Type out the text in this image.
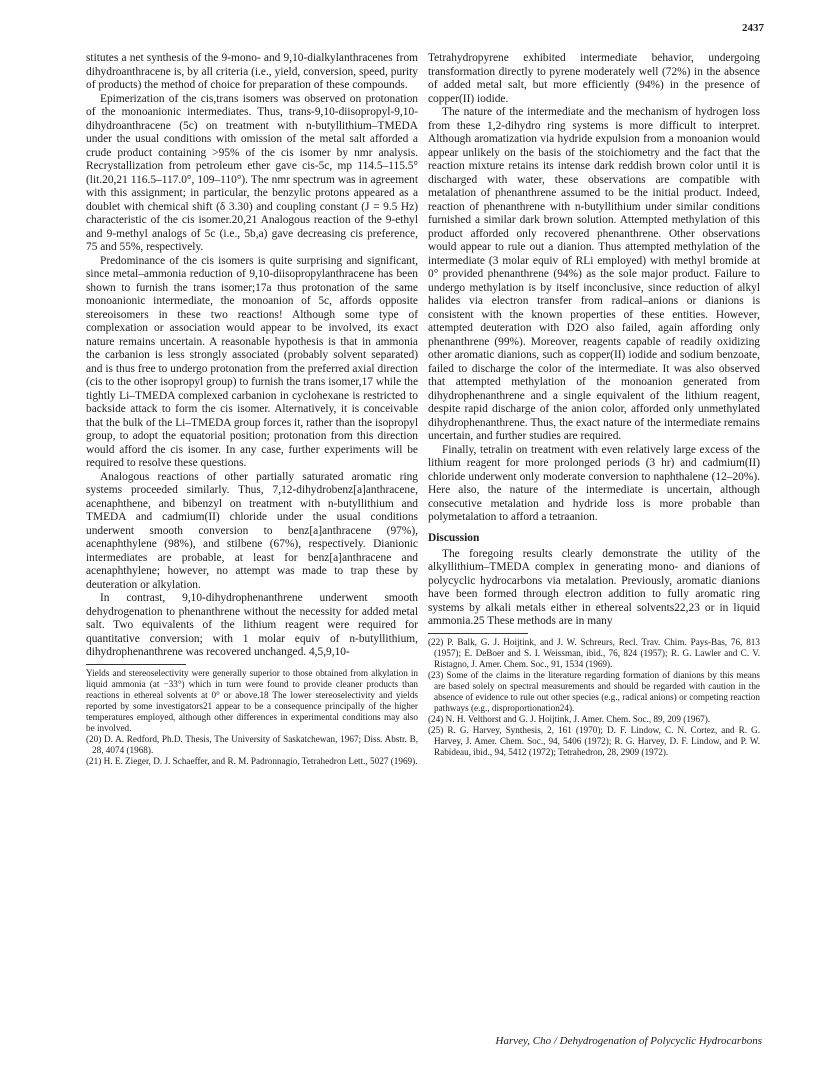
2437

stitutes a net synthesis of the 9-mono- and 9,10-dialkylanthracenes from dihydroanthracene is, by all criteria (i.e., yield, conversion, speed, purity of products) the method of choice for preparation of these compounds.

Epimerization of the cis,trans isomers was observed on protonation of the monoanionic intermediates. Thus, trans-9,10-diisopropyl-9,10-dihydroanthracene (5c) on treatment with n-butyllithium–TMEDA under the usual conditions with omission of the metal salt afforded a crude product containing >95% of the cis isomer by nmr analysis. Recrystallization from petroleum ether gave cis-5c, mp 114.5–115.5° (lit.20,21 116.5–117.0°, 109–110°). The nmr spectrum was in agreement with this assignment; in particular, the benzylic protons appeared as a doublet with chemical shift (δ 3.30) and coupling constant (J = 9.5 Hz) characteristic of the cis isomer.20,21 Analogous reaction of the 9-ethyl and 9-methyl analogs of 5c (i.e., 5b,a) gave decreasing cis preference, 75 and 55%, respectively.

Predominance of the cis isomers is quite surprising and significant, since metal–ammonia reduction of 9,10-diisopropylanthracene has been shown to furnish the trans isomer;17a thus protonation of the same monoanionic intermediate, the monoanion of 5c, affords opposite stereoisomers in these two reactions! Although some type of complexation or association would appear to be involved, its exact nature remains uncertain. A reasonable hypothesis is that in ammonia the carbanion is less strongly associated (probably solvent separated) and is thus free to undergo protonation from the preferred axial direction (cis to the other isopropyl group) to furnish the trans isomer,17 while the tightly Li–TMEDA complexed carbanion in cyclohexane is restricted to backside attack to form the cis isomer. Alternatively, it is conceivable that the bulk of the Li–TMEDA group forces it, rather than the isopropyl group, to adopt the equatorial position; protonation from this direction would afford the cis isomer. In any case, further experiments will be required to resolve these questions.

Analogous reactions of other partially saturated aromatic ring systems proceeded similarly. Thus, 7,12-dihydrobenz[a]anthracene, acenaphthene, and bibenzyl on treatment with n-butyllithium and TMEDA and cadmium(II) chloride under the usual conditions underwent smooth conversion to benz[a]anthracene (97%), acenaphthylene (98%), and stilbene (67%), respectively. Dianionic intermediates are probable, at least for benz[a]anthracene and acenaphthylene; however, no attempt was made to trap these by deuteration or alkylation.

In contrast, 9,10-dihydrophenanthrene underwent smooth dehydrogenation to phenanthrene without the necessity for added metal salt. Two equivalents of the lithium reagent were required for quantitative conversion; with 1 molar equiv of n-butyllithium, dihydrophenanthrene was recovered unchanged. 4,5,9,10-

Yields and stereoselectivity were generally superior to those obtained from alkylation in liquid ammonia (at −33°) which in turn were found to provide cleaner products than reactions in ethereal solvents at 0° or above.18 The lower stereoselectivity and yields reported by some investigators21 appear to be a consequence principally of the higher temperatures employed, although other differences in experimental conditions may also be involved.

(20) D. A. Redford, Ph.D. Thesis, The University of Saskatchewan, 1967; Diss. Abstr. B, 28, 4074 (1968).

(21) H. E. Zieger, D. J. Schaeffer, and R. M. Padronnagio, Tetrahedron Lett., 5027 (1969).

Tetrahydropyrene exhibited intermediate behavior, undergoing transformation directly to pyrene moderately well (72%) in the absence of added metal salt, but more efficiently (94%) in the presence of copper(II) iodide.

The nature of the intermediate and the mechanism of hydrogen loss from these 1,2-dihydro ring systems is more difficult to interpret. Although aromatization via hydride expulsion from a monoanion would appear unlikely on the basis of the stoichiometry and the fact that the reaction mixture retains its intense dark reddish brown color until it is discharged with water, these observations are compatible with metalation of phenanthrene assumed to be the initial product. Indeed, reaction of phenanthrene with n-butyllithium under similar conditions furnished a similar dark brown solution. Attempted methylation of this product afforded only recovered phenanthrene. Other observations would appear to rule out a dianion. Thus attempted methylation of the intermediate (3 molar equiv of RLi employed) with methyl bromide at 0° provided phenanthrene (94%) as the sole major product. Failure to undergo methylation is by itself inconclusive, since reduction of alkyl halides via electron transfer from radical–anions or dianions is consistent with the known properties of these entities. However, attempted deuteration with D2O also failed, again affording only phenanthrene (99%). Moreover, reagents capable of readily oxidizing other aromatic dianions, such as copper(II) iodide and sodium benzoate, failed to discharge the color of the intermediate. It was also observed that attempted methylation of the monoanion generated from dihydrophenanthrene and a single equivalent of the lithium reagent, despite rapid discharge of the anion color, afforded only unmethylated dihydrophenanthrene. Thus, the exact nature of the intermediate remains uncertain, and further studies are required.

Finally, tetralin on treatment with even relatively large excess of the lithium reagent for more prolonged periods (3 hr) and cadmium(II) chloride underwent only moderate conversion to naphthalene (12–20%). Here also, the nature of the intermediate is uncertain, although consecutive metalation and hydride loss is more probable than polymetalation to afford a tetraanion.

Discussion

The foregoing results clearly demonstrate the utility of the alkyllithium–TMEDA complex in generating mono- and dianions of polycyclic hydrocarbons via metalation. Previously, aromatic dianions have been formed through electron addition to fully aromatic ring systems by alkali metals either in ethereal solvents22,23 or in liquid ammonia.25 These methods are in many

(22) P. Balk, G. J. Hoijtink, and J. W. Schreurs, Recl. Trav. Chim. Pays-Bas, 76, 813 (1957); E. DeBoer and S. I. Weissman, ibid., 76, 824 (1957); R. G. Lawler and C. V. Ristagno, J. Amer. Chem. Soc., 91, 1534 (1969).

(23) Some of the claims in the literature regarding formation of dianions by this means are based solely on spectral measurements and should be regarded with caution in the absence of evidence to rule out other species (e.g., radical anions) or competing reaction pathways (e.g., disproportionation24).

(24) N. H. Velthorst and G. J. Hoijtink, J. Amer. Chem. Soc., 89, 209 (1967).

(25) R. G. Harvey, Synthesis, 2, 161 (1970); D. F. Lindow, C. N. Cortez, and R. G. Harvey, J. Amer. Chem. Soc., 94, 5406 (1972); R. G. Harvey, D. F. Lindow, and P. W. Rabideau, ibid., 94, 5412 (1972); Tetrahedron, 28, 2909 (1972).

Harvey, Cho / Dehydrogenation of Polycyclic Hydrocarbons
